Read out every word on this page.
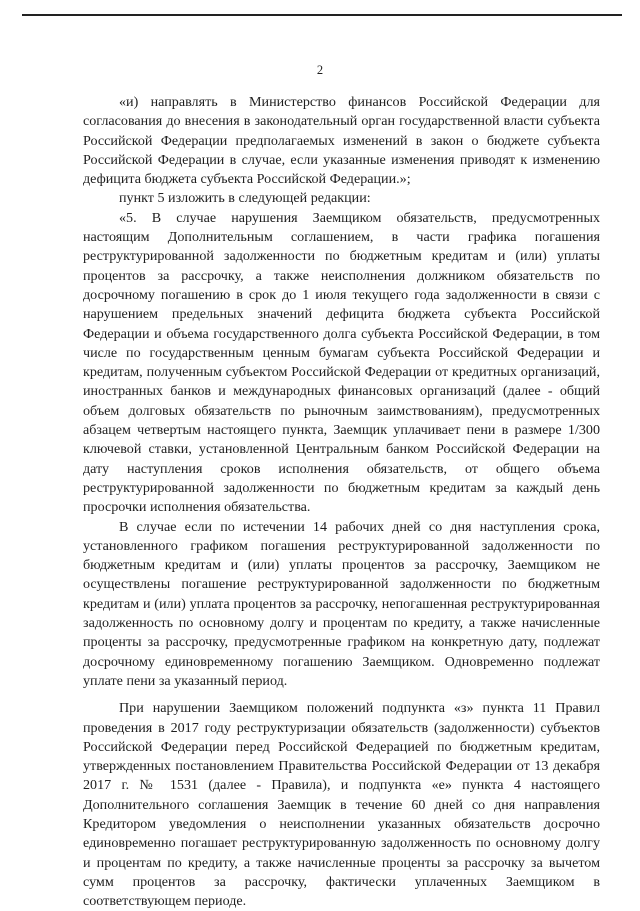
2

«и) направлять в Министерство финансов Российской Федерации для согласования до внесения в законодательный орган государственной власти субъекта Российской Федерации предполагаемых изменений в закон о бюджете субъекта Российской Федерации в случае, если указанные изменения приводят к изменению дефицита бюджета субъекта Российской Федерации.»;

пункт 5 изложить в следующей редакции:

«5. В случае нарушения Заемщиком обязательств, предусмотренных настоящим Дополнительным соглашением, в части графика погашения реструктурированной задолженности по бюджетным кредитам и (или) уплаты процентов за рассрочку, а также неисполнения должником обязательств по досрочному погашению в срок до 1 июля текущего года задолженности в связи с нарушением предельных значений дефицита бюджета субъекта Российской Федерации и объема государственного долга субъекта Российской Федерации, в том числе по государственным ценным бумагам субъекта Российской Федерации и кредитам, полученным субъектом Российской Федерации от кредитных организаций, иностранных банков и международных финансовых организаций (далее - общий объем долговых обязательств по рыночным заимствованиям), предусмотренных абзацем четвертым настоящего пункта, Заемщик уплачивает пени в размере 1/300 ключевой ставки, установленной Центральным банком Российской Федерации на дату наступления сроков исполнения обязательств, от общего объема реструктурированной задолженности по бюджетным кредитам за каждый день просрочки исполнения обязательства.

В случае если по истечении 14 рабочих дней со дня наступления срока, установленного графиком погашения реструктурированной задолженности по бюджетным кредитам и (или) уплаты процентов за рассрочку, Заемщиком не осуществлены погашение реструктурированной задолженности по бюджетным кредитам и (или) уплата процентов за рассрочку, непогашенная реструктурированная задолженность по основному долгу и процентам по кредиту, а также начисленные проценты за рассрочку, предусмотренные графиком на конкретную дату, подлежат досрочному единовременному погашению Заемщиком. Одновременно подлежат уплате пени за указанный период.

При нарушении Заемщиком положений подпункта «з» пункта 11 Правил проведения в 2017 году реструктуризации обязательств (задолженности) субъектов Российской Федерации перед Российской Федерацией по бюджетным кредитам, утвержденных постановлением Правительства Российской Федерации от 13 декабря 2017 г. № 1531 (далее - Правила), и подпункта «е» пункта 4 настоящего Дополнительного соглашения Заемщик в течение 60 дней со дня направления Кредитором уведомления о неисполнении указанных обязательств досрочно единовременно погашает реструктурированную задолженность по основному долгу и процентам по кредиту, а также начисленные проценты за рассрочку за вычетом сумм процентов за рассрочку, фактически уплаченных Заемщиком в соответствующем периоде.
